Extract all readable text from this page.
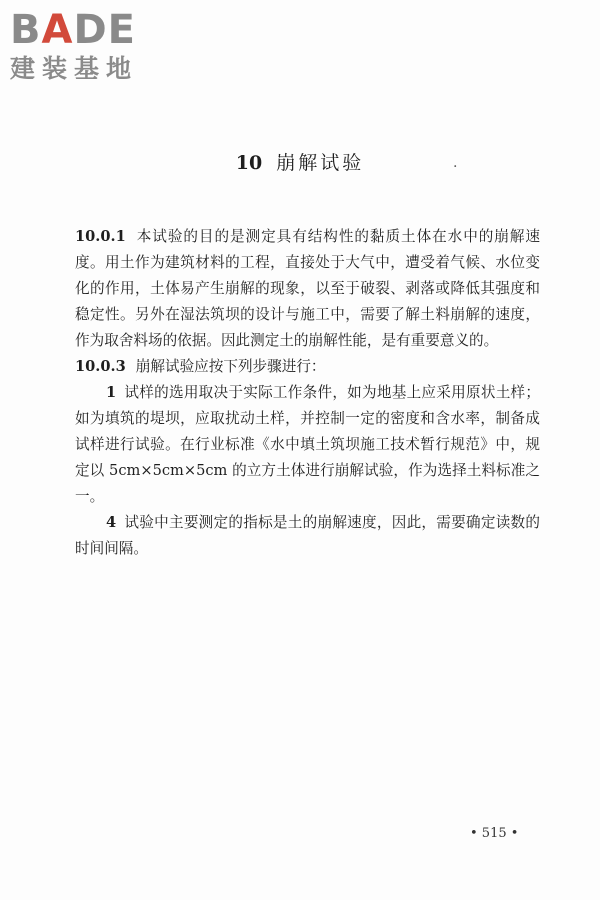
BADE
建装基地
10 崩解试验	.

10.0.1 本试验的目的是测定具有结构性的黏质土体在水中的崩解速度。用土作为建筑材料的工程，直接处于大气中，遭受着气候、水位变化的作用，土体易产生崩解的现象，以至于破裂、剥落或降低其强度和稳定性。另外在湿法筑坝的设计与施工中，需要了解土料崩解的速度，作为取舍料场的依据。因此测定土的崩解性能，是有重要意义的。

10.0.3 崩解试验应按下列步骤进行：

1 试样的选用取决于实际工作条件，如为地基上应采用原状土样；如为填筑的堤坝，应取扰动土样，并控制一定的密度和含水率，制备成试样进行试验。在行业标准《水中填土筑坝施工技术暂行规范》中，规定以 5cm×5cm×5cm 的立方土体进行崩解试验，作为选择土料标准之一。

4 试验中主要测定的指标是土的崩解速度，因此，需要确定读数的时间间隔。

• 515 •
